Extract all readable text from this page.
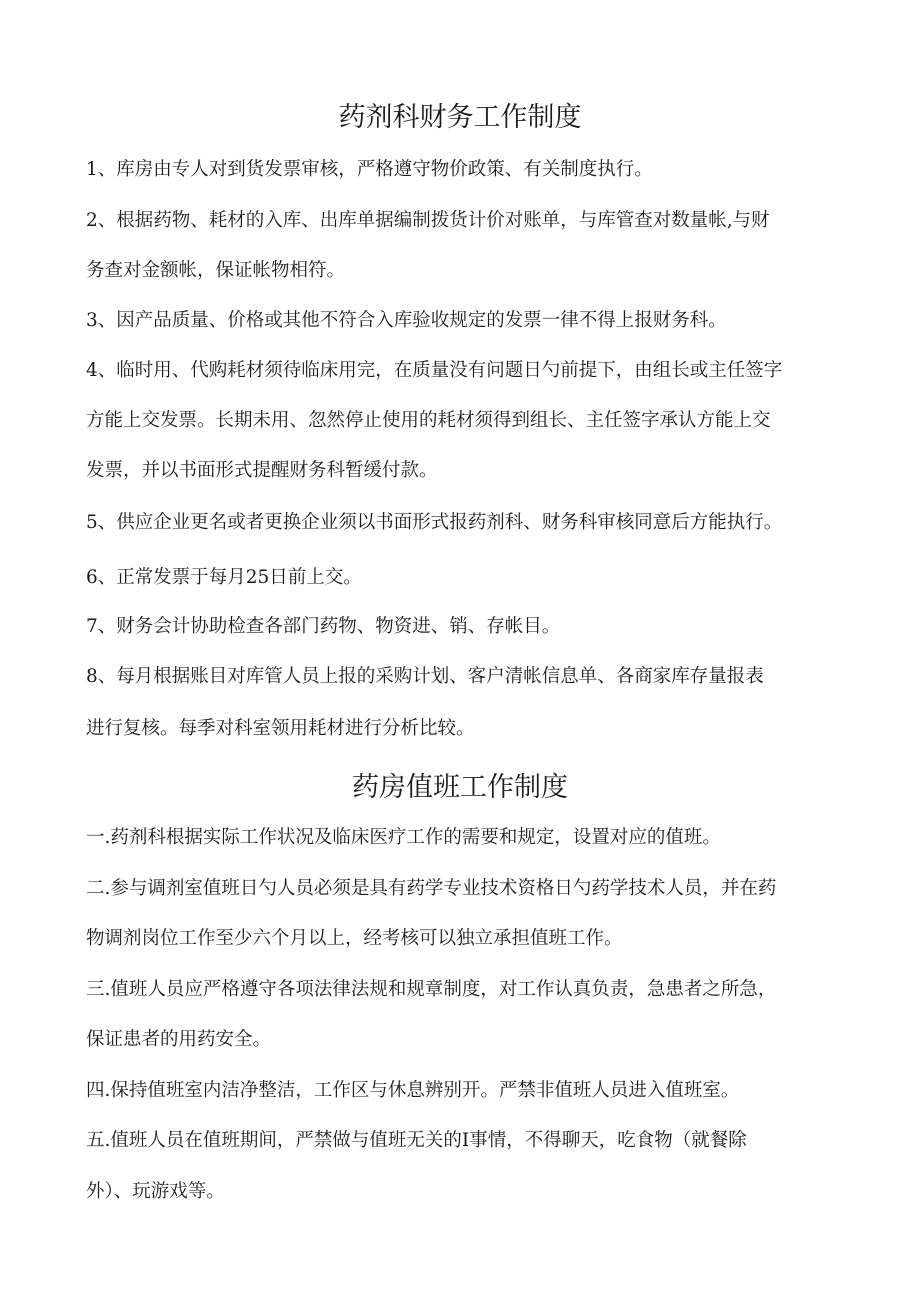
药剂科财务工作制度
1、库房由专人对到货发票审核，严格遵守物价政策、有关制度执行。
2、根据药物、耗材的入库、出库单据编制拨货计价对账单，与库管查对数量帐,与财
务查对金额帐，保证帐物相符。
3、因产品质量、价格或其他不符合入库验收规定的发票一律不得上报财务科。
4、临时用、代购耗材须待临床用完，在质量没有问题日勺前提下，由组长或主任签字
方能上交发票。长期未用、忽然停止使用的耗材须得到组长、主任签字承认方能上交
发票，并以书面形式提醒财务科暂缓付款。
5、供应企业更名或者更换企业须以书面形式报药剂科、财务科审核同意后方能执行。
6、正常发票于每月25日前上交。
7、财务会计协助检查各部门药物、物资进、销、存帐目。
8、每月根据账目对库管人员上报的采购计划、客户清帐信息单、各商家库存量报表
进行复核。每季对科室领用耗材进行分析比较。
药房值班工作制度
一.药剂科根据实际工作状况及临床医疗工作的需要和规定，设置对应的值班。
二.参与调剂室值班日勺人员必须是具有药学专业技术资格日勺药学技术人员，并在药
物调剂岗位工作至少六个月以上，经考核可以独立承担值班工作。
三.值班人员应严格遵守各项法律法规和规章制度，对工作认真负责，急患者之所急，
保证患者的用药安全。
四.保持值班室内洁净整洁，工作区与休息辨别开。严禁非值班人员进入值班室。
五.值班人员在值班期间，严禁做与值班无关的I事情，不得聊天，吃食物（就餐除
外）、玩游戏等。
